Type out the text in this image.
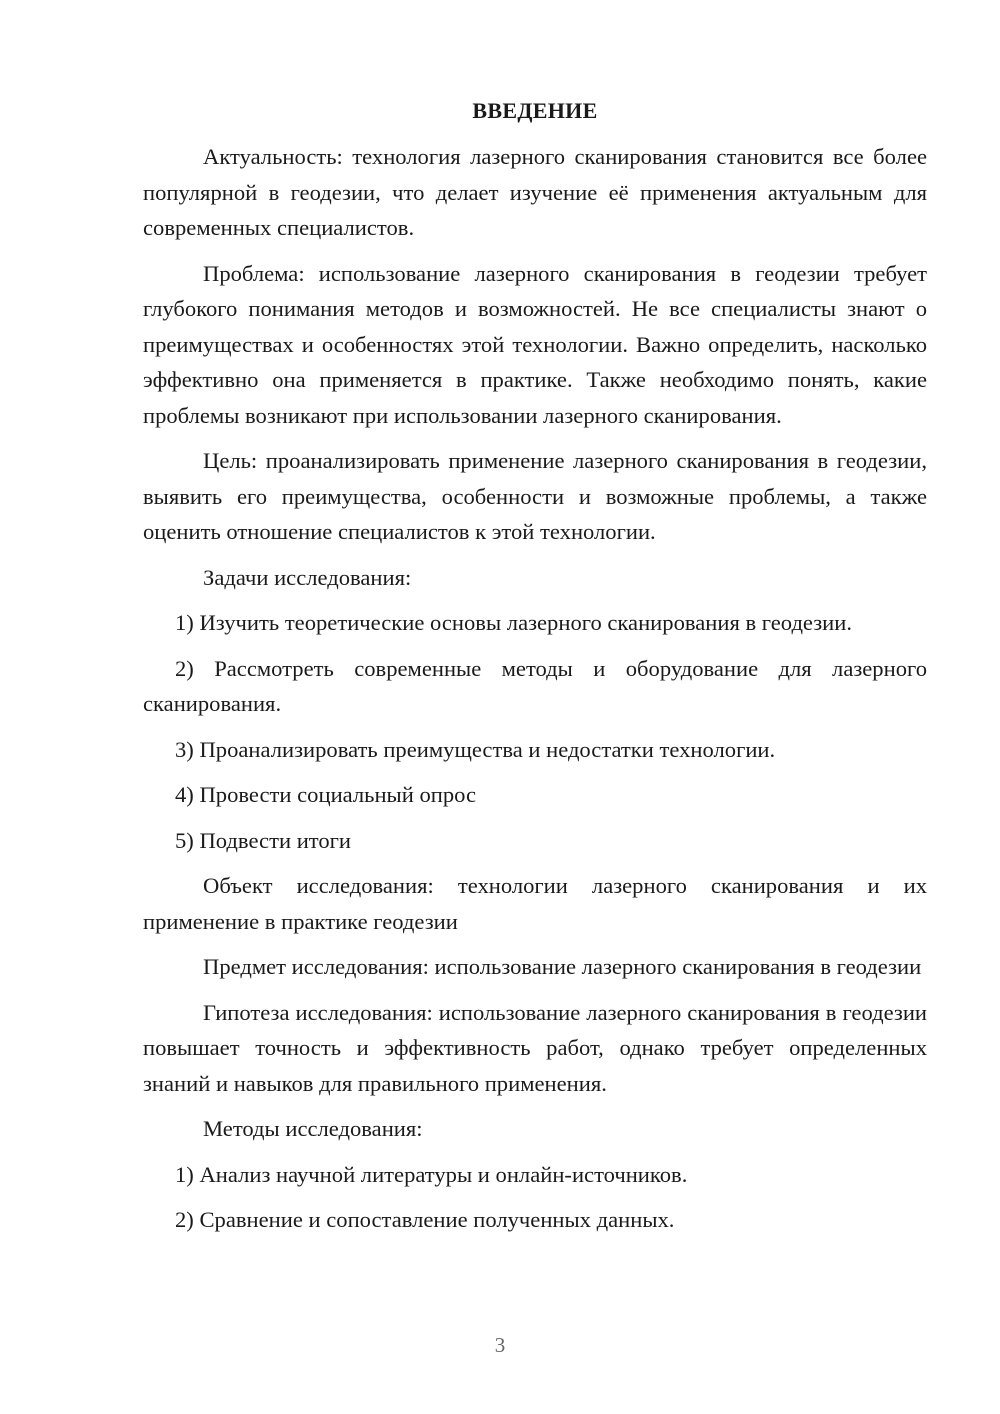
ВВЕДЕНИЕ
Актуальность: технология лазерного сканирования становится все более популярной в геодезии, что делает изучение её применения актуальным для современных специалистов.
Проблема: использование лазерного сканирования в геодезии требует глубокого понимания методов и возможностей. Не все специалисты знают о преимуществах и особенностях этой технологии. Важно определить, насколько эффективно она применяется в практике. Также необходимо понять, какие проблемы возникают при использовании лазерного сканирования.
Цель: проанализировать применение лазерного сканирования в геодезии, выявить его преимущества, особенности и возможные проблемы, а также оценить отношение специалистов к этой технологии.
Задачи исследования:
1) Изучить теоретические основы лазерного сканирования в геодезии.
2) Рассмотреть современные методы и оборудование для лазерного сканирования.
3) Проанализировать преимущества и недостатки технологии.
4) Провести социальный опрос
5) Подвести итоги
Объект исследования: технологии лазерного сканирования и их применение в практике геодезии
Предмет исследования: использование лазерного сканирования в геодезии
Гипотеза исследования: использование лазерного сканирования в геодезии повышает точность и эффективность работ, однако требует определенных знаний и навыков для правильного применения.
Методы исследования:
1) Анализ научной литературы и онлайн-источников.
2) Сравнение и сопоставление полученных данных.
3
